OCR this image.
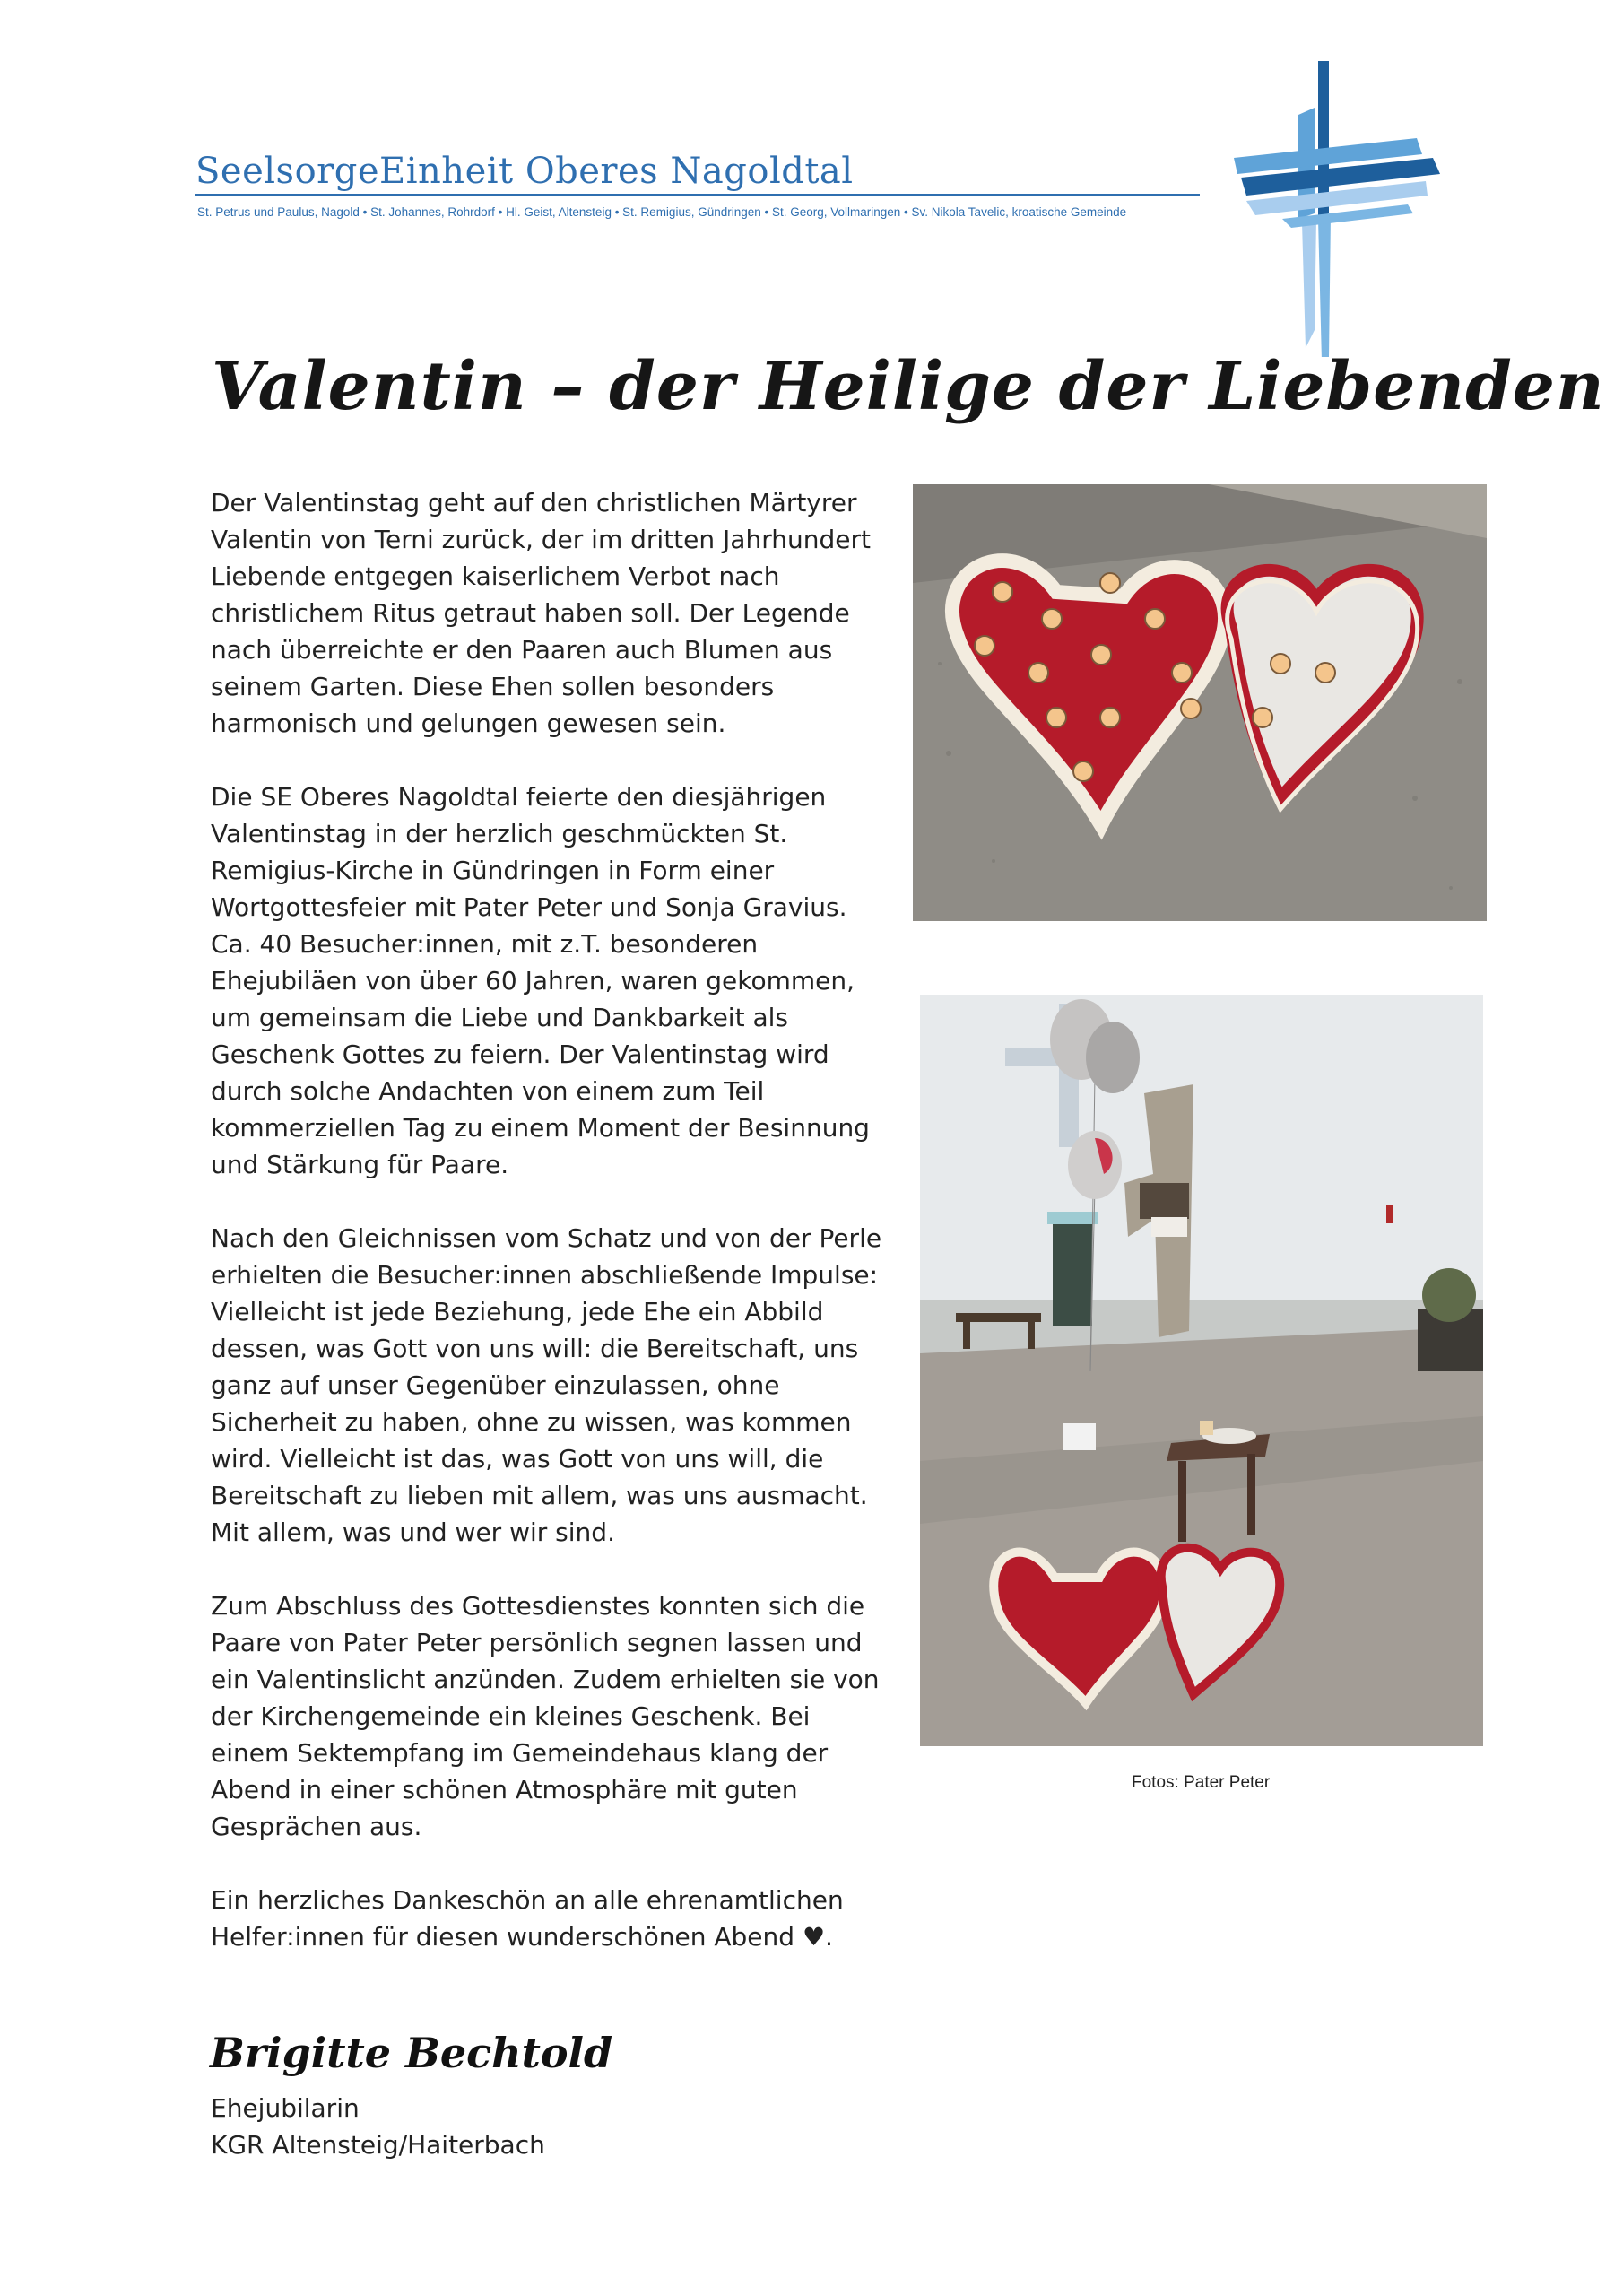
SeelsorgeEinheit Oberes Nagoldtal
St. Petrus und Paulus, Nagold • St. Johannes, Rohrdorf • Hl. Geist, Altensteig • St. Remigius, Gündringen • St. Georg, Vollmaringen • Sv. Nikola Tavelic, kroatische Gemeinde
Valentin – der Heilige der Liebenden

Der Valentinstag geht auf den christlichen Märtyrer Valentin von Terni zurück, der im dritten Jahrhundert Liebende entgegen kaiserlichem Verbot nach christlichem Ritus getraut haben soll. Der Legende nach überreichte er den Paaren auch Blumen aus seinem Garten. Diese Ehen sollen besonders harmonisch und gelungen gewesen sein.

Die SE Oberes Nagoldtal feierte den diesjährigen Valentinstag in der herzlich geschmückten St. Remigius-Kirche in Gündringen in Form einer Wortgottesfeier mit Pater Peter und Sonja Gravius. Ca. 40 Besucher:innen, mit z.T. besonderen Ehejubiläen von über 60 Jahren, waren gekommen, um gemeinsam die Liebe und Dankbarkeit als Geschenk Gottes zu feiern. Der Valentinstag wird durch solche Andachten von einem zum Teil kommerziellen Tag zu einem Moment der Besinnung und Stärkung für Paare.

Nach den Gleichnissen vom Schatz und von der Perle erhielten die Besucher:innen abschließende Impulse: Vielleicht ist jede Beziehung, jede Ehe ein Abbild dessen, was Gott von uns will: die Bereitschaft, uns ganz auf unser Gegenüber einzulassen, ohne Sicherheit zu haben, ohne zu wissen, was kommen wird. Vielleicht ist das, was Gott von uns will, die Bereitschaft zu lieben mit allem, was uns ausmacht. Mit allem, was und wer wir sind.

Zum Abschluss des Gottesdienstes konnten sich die Paare von Pater Peter persönlich segnen lassen und ein Valentinslicht anzünden. Zudem erhielten sie von der Kirchengemeinde ein kleines Geschenk. Bei einem Sektempfang im Gemeindehaus klang der Abend in einer schönen Atmosphäre mit guten Gesprächen aus.

Ein herzliches Dankeschön an alle ehrenamtlichen Helfer:innen für diesen wunderschönen Abend ♥.

Brigitte Bechtold
Ehejubilarin
KGR Altensteig/Haiterbach
Fotos: Pater Peter
